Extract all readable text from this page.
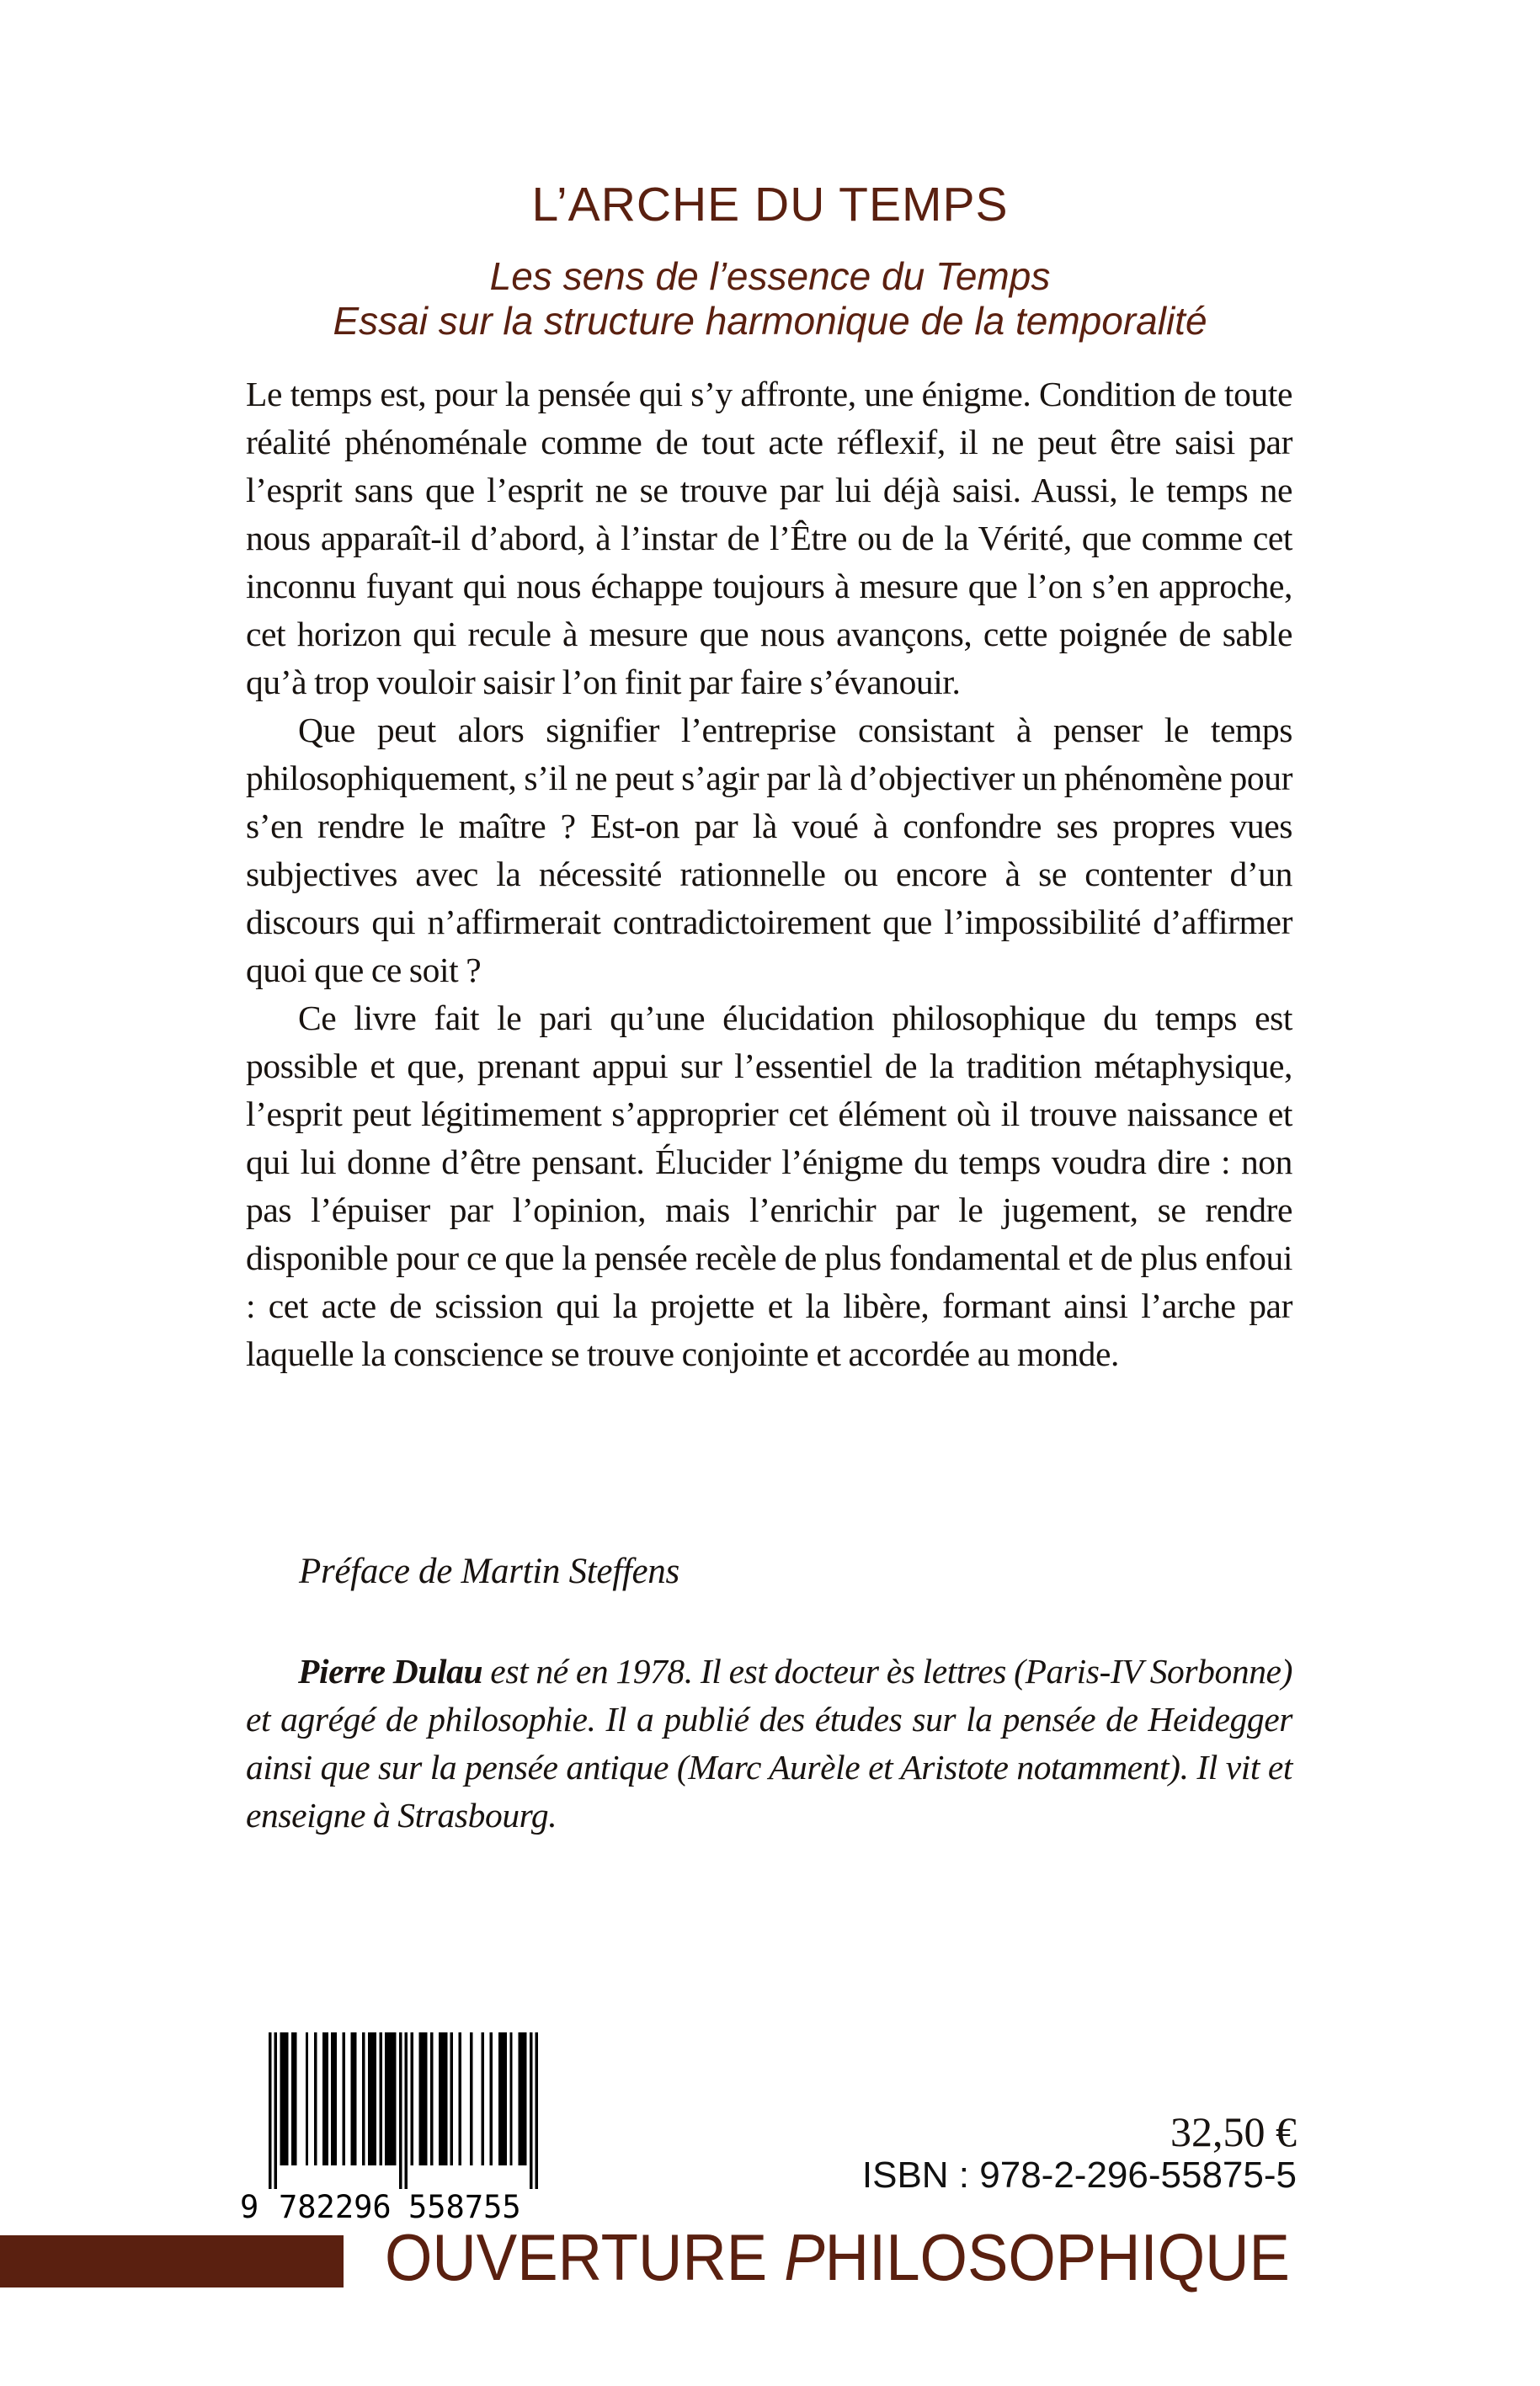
L’ARCHE DU TEMPS
Les sens de l’essence du Temps
Essai sur la structure harmonique de la temporalité

Le temps est, pour la pensée qui s’y affronte, une énigme. Condition de toute réalité phénoménale comme de tout acte réflexif, il ne peut être saisi par l’esprit sans que l’esprit ne se trouve par lui déjà saisi. Aussi, le temps ne nous apparaît-il d’abord, à l’instar de l’Être ou de la Vérité, que comme cet inconnu fuyant qui nous échappe toujours à mesure que l’on s’en approche, cet horizon qui recule à mesure que nous avançons, cette poignée de sable qu’à trop vouloir saisir l’on finit par faire s’évanouir.

Que peut alors signifier l’entreprise consistant à penser le temps philosophiquement, s’il ne peut s’agir par là d’objectiver un phénomène pour s’en rendre le maître ? Est-on par là voué à confondre ses propres vues subjectives avec la nécessité rationnelle ou encore à se contenter d’un discours qui n’affirmerait contradictoirement que l’impossibilité d’affirmer quoi que ce soit ?

Ce livre fait le pari qu’une élucidation philosophique du temps est possible et que, prenant appui sur l’essentiel de la tradition métaphysique, l’esprit peut légitimement s’approprier cet élément où il trouve naissance et qui lui donne d’être pensant. Élucider l’énigme du temps voudra dire : non pas l’épuiser par l’opinion, mais l’enrichir par le jugement, se rendre disponible pour ce que la pensée recèle de plus fondamental et de plus enfoui : cet acte de scission qui la projette et la libère, formant ainsi l’arche par laquelle la conscience se trouve conjointe et accordée au monde.

Préface de Martin Steffens

Pierre Dulau est né en 1978. Il est docteur ès lettres (Paris-IV Sorbonne) et agrégé de philosophie. Il a publié des études sur la pensée de Heidegger ainsi que sur la pensée antique (Marc Aurèle et Aristote notamment). Il vit et enseigne à Strasbourg.

9 782296 558755
32,50 €
ISBN : 978-2-296-55875-5
OUVERTURE PHILOSOPHIQUE
